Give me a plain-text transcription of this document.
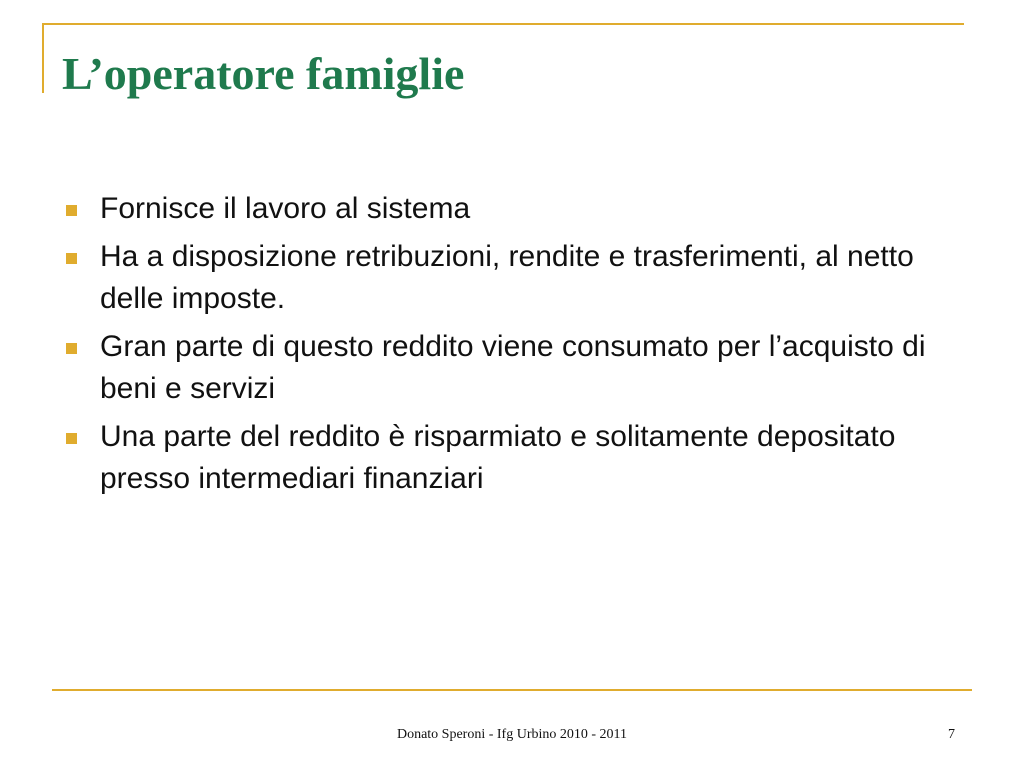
L’operatore famiglie
Fornisce il lavoro al sistema
Ha a disposizione retribuzioni, rendite e trasferimenti, al netto delle imposte.
Gran parte di questo reddito viene consumato per l’acquisto di beni e servizi
Una parte del reddito è risparmiato e solitamente depositato presso intermediari finanziari
Donato Speroni - Ifg Urbino 2010 - 2011	7
